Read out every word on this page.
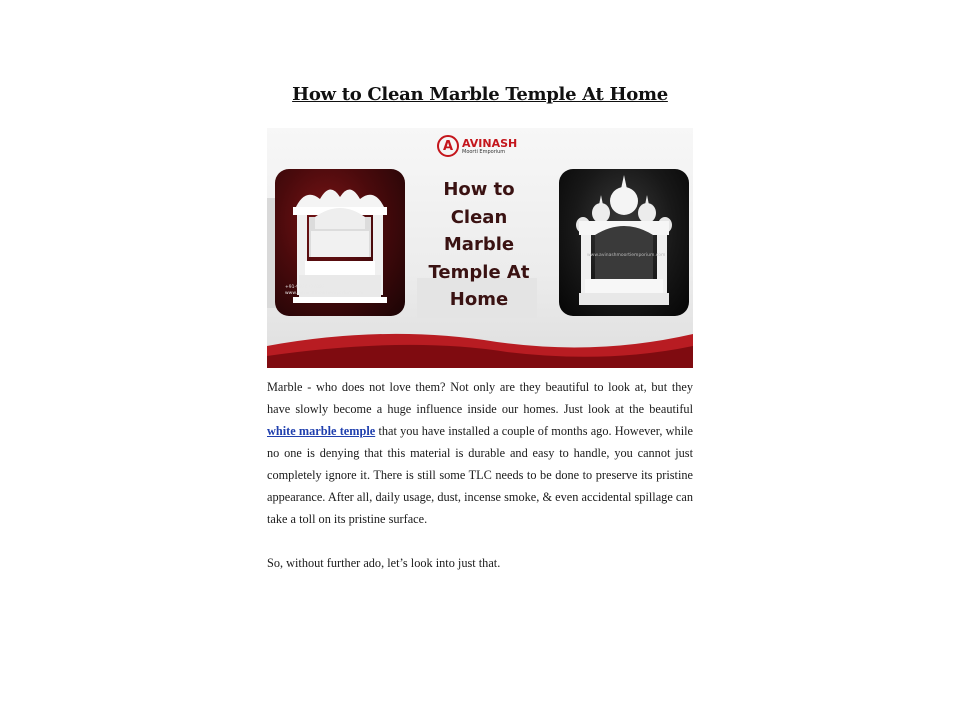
How to Clean Marble Temple At Home
A AVINASH
Moorti Emporium
How to
Clean
Marble
Temple At
Home
+91-9828707082
www.avinashmoortiemporium.com
www.avinashmoortiemporium.com

Marble - who does not love them? Not only are they beautiful to look at, but they have slowly become a huge influence inside our homes. Just look at the beautiful white marble temple that you have installed a couple of months ago. However, while no one is denying that this material is durable and easy to handle, you cannot just completely ignore it. There is still some TLC needs to be done to preserve its pristine appearance. After all, daily usage, dust, incense smoke, & even accidental spillage can take a toll on its pristine surface.

So, without further ado, let’s look into just that.
